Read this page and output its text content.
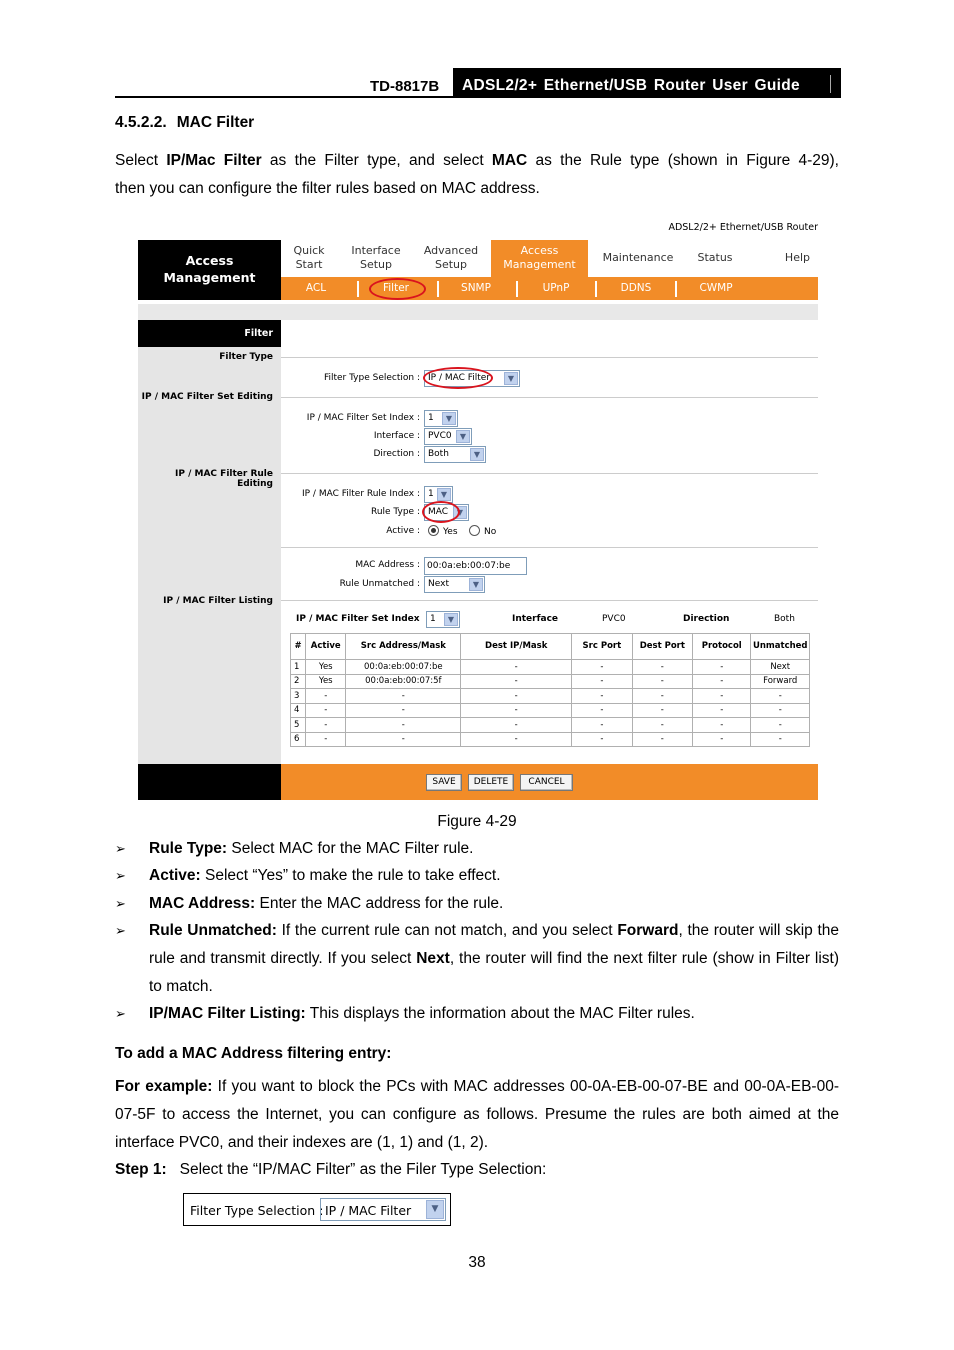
TD-8817B	ADSL2/2+ Ethernet/USB Router User Guide
4.5.2.2. MAC Filter
Select IP/Mac Filter as the Filter type, and select MAC as the Rule type (shown in Figure 4-29),
then you can configure the filter rules based on MAC address.
ADSL2/2+ Ethernet/USB Router
Access
Management
Quick
Start
Interface
Setup
Advanced
Setup
Access
Management
Maintenance	Status	Help
ACL	Filter	SNMP	UPnP	DDNS	CWMP
Filter
Filter Type
IP / MAC Filter Set Editing
IP / MAC Filter Rule Editing
IP / MAC Filter Listing
Filter Type Selection : IP / MAC Filter	▼
IP / MAC Filter Set Index : 1	▼
Interface : PVC0	▼
Direction : Both	▼
IP / MAC Filter Rule Index : 1 ▼
Rule Type : MAC	▼
Active :	Yes	No
MAC Address : 00:0a:eb:00:07:be
Rule Unmatched : Next	▼
IP / MAC Filter Set Index	1	▼	Interface	PVC0	Direction	Both
#	Active	Src Address/Mask	Dest IP/Mask	Src Port	Dest Port	Protocol	Unmatched
1	Yes	00:0a:eb:00:07:be	-	-	-	-	Next
2	Yes	00:0a:eb:00:07:5f	-	-	-	-	Forward
3	-	-	-	-	-	-	-
4	-	-	-	-	-	-	-
5	-	-	-	-	-	-	-
6	-	-	-	-	-	-	-
SAVE	DELETE	CANCEL
Figure 4-29
➢ Rule Type: Select MAC for the MAC Filter rule.
➢ Active: Select “Yes” to make the rule to take effect.
➢ MAC Address: Enter the MAC address for the rule.
➢ Rule Unmatched: If the current rule can not match, and you select Forward, the router will skip the rule and transmit directly. If you select Next, the router will find the next filter rule (show in Filter list) to match.
➢ IP/MAC Filter Listing: This displays the information about the MAC Filter rules.
To add a MAC Address filtering entry:
For example: If you want to block the PCs with MAC addresses 00-0A-EB-00-07-BE and 00-0A-EB-00-07-5F to access the Internet, you can configure as follows. Presume the rules are both aimed at the interface PVC0, and their indexes are (1, 1) and (1, 2).
Step 1: Select the “IP/MAC Filter” as the Filer Type Selection:
Filter Type Selection : IP / MAC Filter	▼
38
